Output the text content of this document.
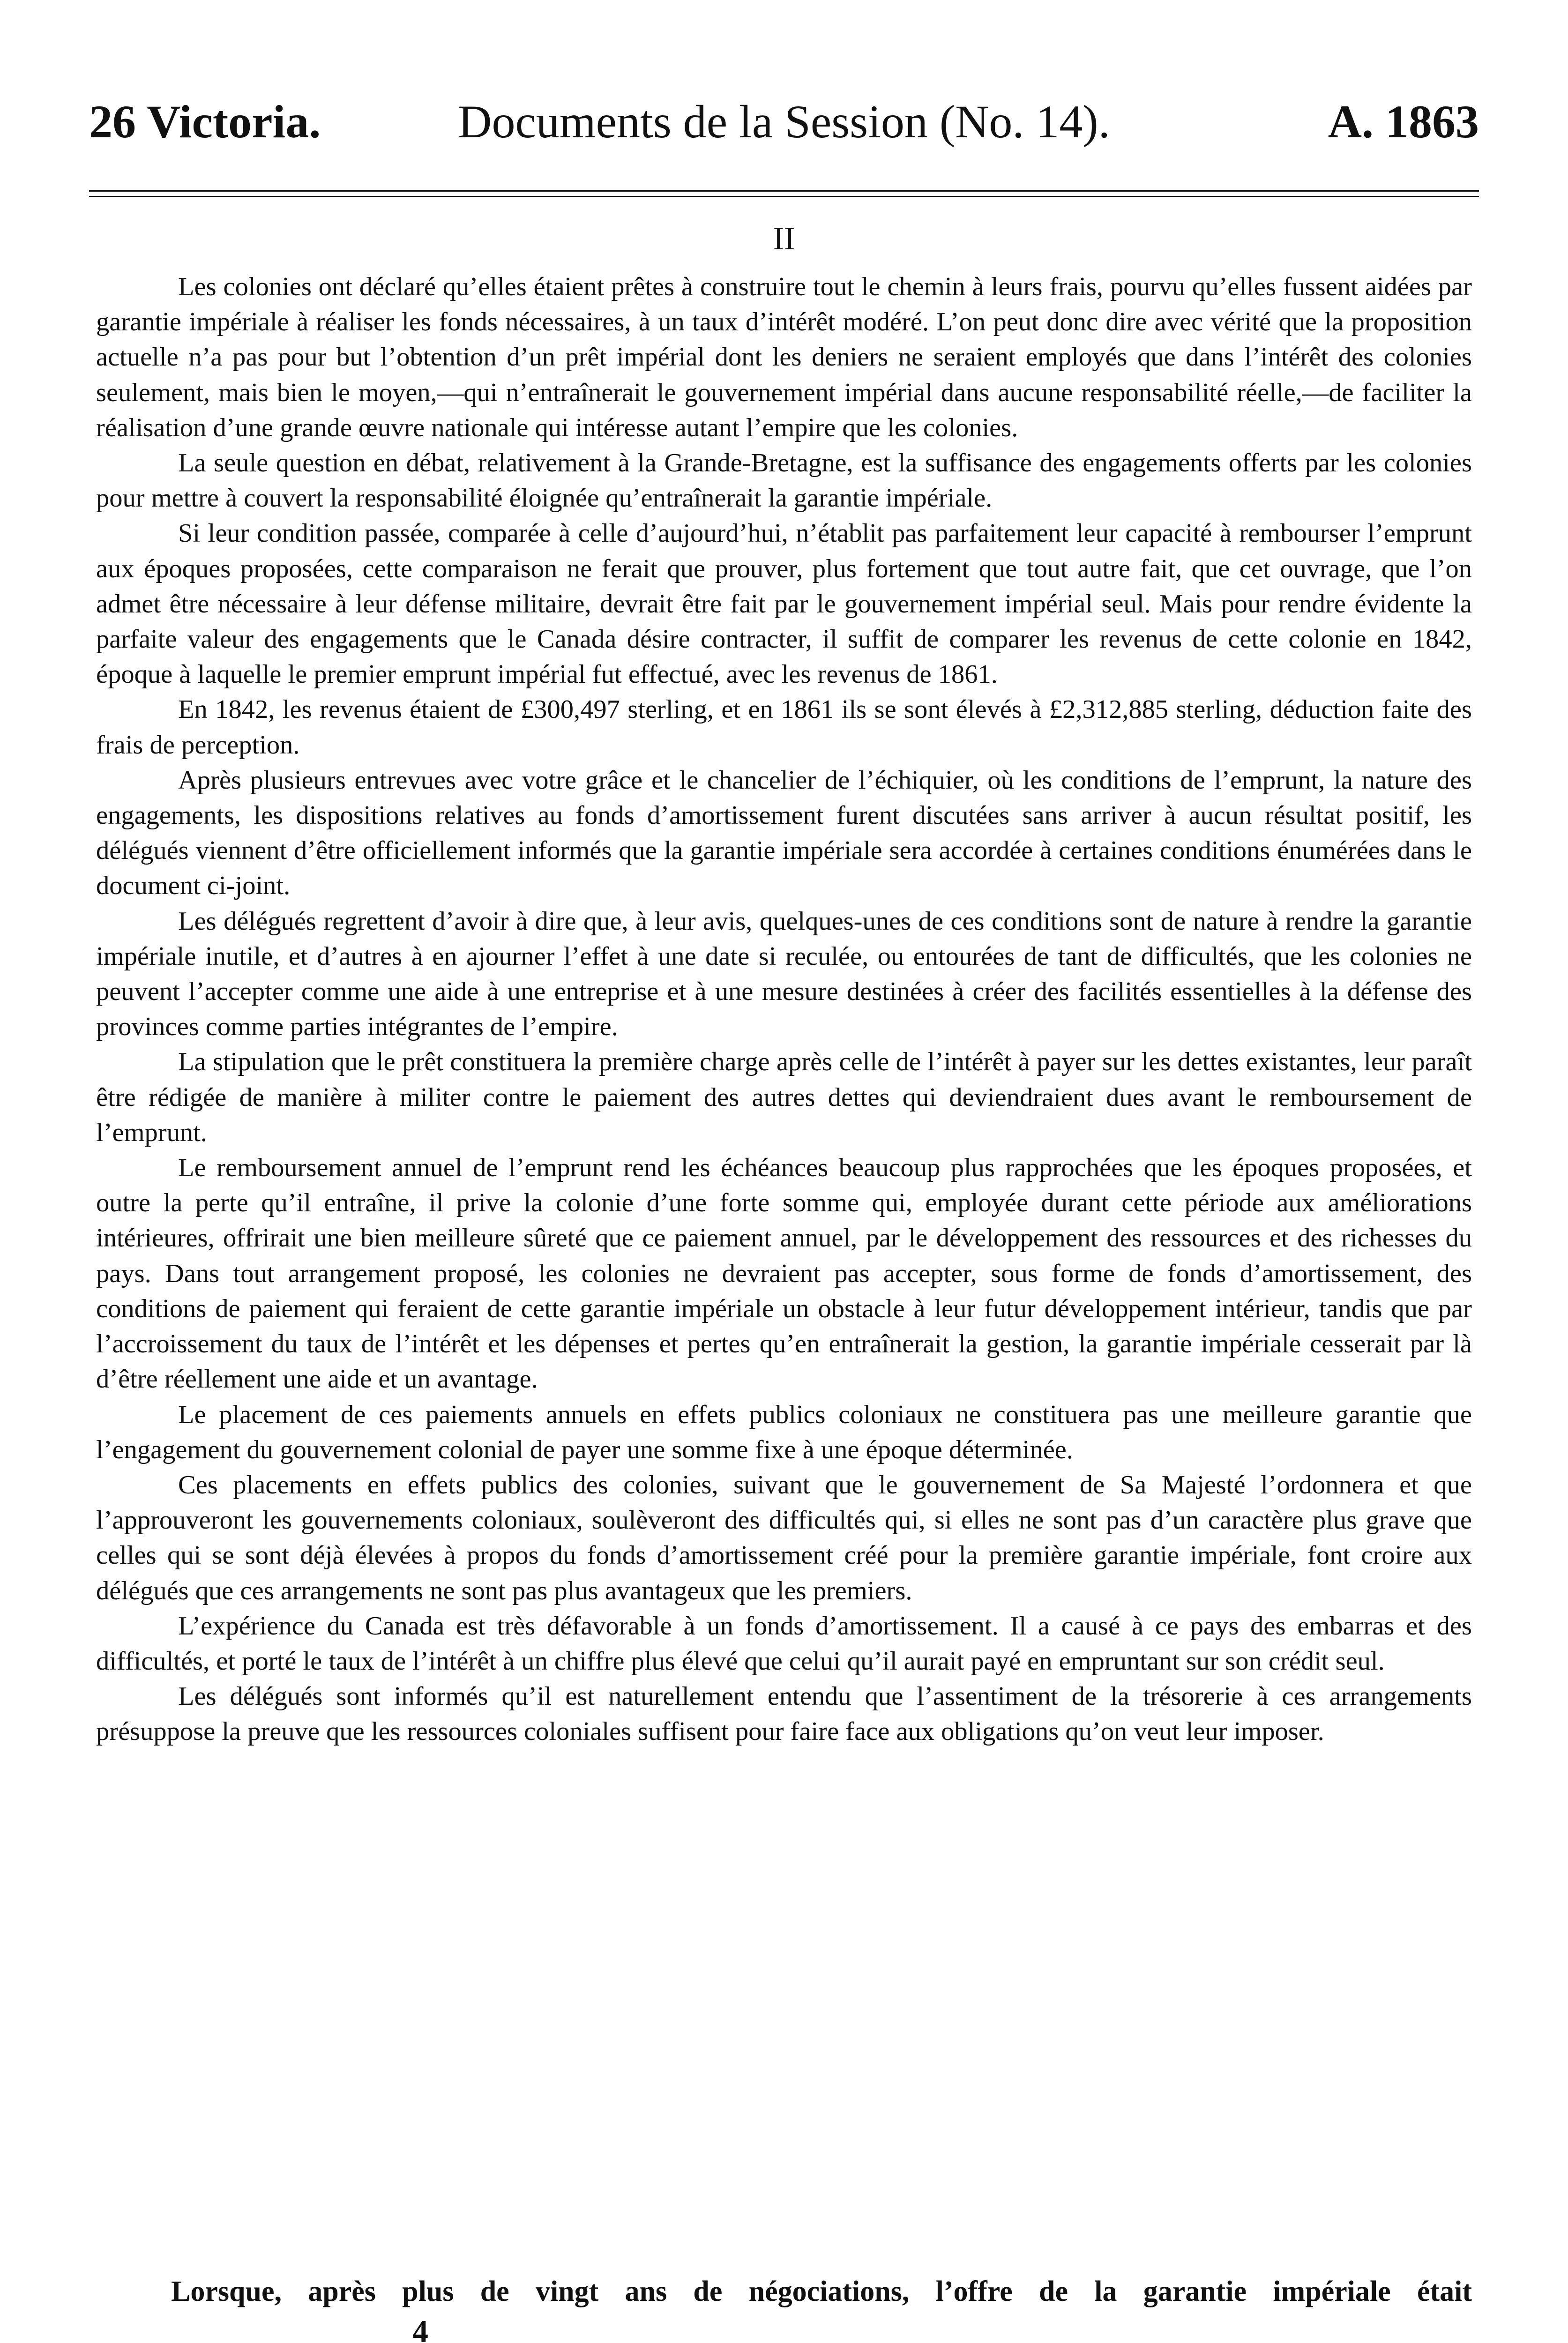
26 Victoria.	Documents de la Session (No. 14).	A. 1863
II

Les colonies ont déclaré qu’elles étaient prêtes à construire tout le chemin à leurs frais, pourvu qu’elles fussent aidées par garantie impériale à réaliser les fonds nécessaires, à un taux d’intérêt modéré. L’on peut donc dire avec vérité que la proposition actuelle n’a pas pour but l’obtention d’un prêt impérial dont les deniers ne seraient employés que dans l’intérêt des colonies seulement, mais bien le moyen,—qui n’entraînerait le gouvernement impérial dans aucune responsabilité réelle,—de faciliter la réalisation d’une grande œuvre nationale qui intéresse autant l’empire que les colonies.

La seule question en débat, relativement à la Grande-Bretagne, est la suffisance des engagements offerts par les colonies pour mettre à couvert la responsabilité éloignée qu’entraînerait la garantie impériale.

Si leur condition passée, comparée à celle d’aujourd’hui, n’établit pas parfaitement leur capacité à rembourser l’emprunt aux époques proposées, cette comparaison ne ferait que prouver, plus fortement que tout autre fait, que cet ouvrage, que l’on admet être nécessaire à leur défense militaire, devrait être fait par le gouvernement impérial seul. Mais pour rendre évidente la parfaite valeur des engagements que le Canada désire contracter, il suffit de comparer les revenus de cette colonie en 1842, époque à laquelle le premier emprunt impérial fut effectué, avec les revenus de 1861.

En 1842, les revenus étaient de £300,497 sterling, et en 1861 ils se sont élevés à £2,312,885 sterling, déduction faite des frais de perception.

Après plusieurs entrevues avec votre grâce et le chancelier de l’échiquier, où les conditions de l’emprunt, la nature des engagements, les dispositions relatives au fonds d’amortissement furent discutées sans arriver à aucun résultat positif, les délégués viennent d’être officiellement informés que la garantie impériale sera accordée à certaines conditions énumérées dans le document ci-joint.

Les délégués regrettent d’avoir à dire que, à leur avis, quelques-unes de ces conditions sont de nature à rendre la garantie impériale inutile, et d’autres à en ajourner l’effet à une date si reculée, ou entourées de tant de difficultés, que les colonies ne peuvent l’accepter comme une aide à une entreprise et à une mesure destinées à créer des facilités essentielles à la défense des provinces comme parties intégrantes de l’empire.

La stipulation que le prêt constituera la première charge après celle de l’intérêt à payer sur les dettes existantes, leur paraît être rédigée de manière à militer contre le paiement des autres dettes qui deviendraient dues avant le remboursement de l’emprunt.

Le remboursement annuel de l’emprunt rend les échéances beaucoup plus rapprochées que les époques proposées, et outre la perte qu’il entraîne, il prive la colonie d’une forte somme qui, employée durant cette période aux améliorations intérieures, offrirait une bien meilleure sûreté que ce paiement annuel, par le développement des ressources et des richesses du pays. Dans tout arrangement proposé, les colonies ne devraient pas accepter, sous forme de fonds d’amortissement, des conditions de paiement qui feraient de cette garantie impériale un obstacle à leur futur développement intérieur, tandis que par l’accroissement du taux de l’intérêt et les dépenses et pertes qu’en entraînerait la gestion, la garantie impériale cesserait par là d’être réellement une aide et un avantage.

Le placement de ces paiements annuels en effets publics coloniaux ne constituera pas une meilleure garantie que l’engagement du gouvernement colonial de payer une somme fixe à une époque déterminée.

Ces placements en effets publics des colonies, suivant que le gouvernement de Sa Majesté l’ordonnera et que l’approuveront les gouvernements coloniaux, soulèveront des difficultés qui, si elles ne sont pas d’un caractère plus grave que celles qui se sont déjà élevées à propos du fonds d’amortissement créé pour la première garantie impériale, font croire aux délégués que ces arrangements ne sont pas plus avantageux que les premiers.

L’expérience du Canada est très défavorable à un fonds d’amortissement. Il a causé à ce pays des embarras et des difficultés, et porté le taux de l’intérêt à un chiffre plus élevé que celui qu’il aurait payé en empruntant sur son crédit seul.

Les délégués sont informés qu’il est naturellement entendu que l’assentiment de la trésorerie à ces arrangements présuppose la preuve que les ressources coloniales suffisent pour faire face aux obligations qu’on veut leur imposer.

Lorsque, après plus de vingt ans de négociations, l’offre de la garantie impériale était
4
